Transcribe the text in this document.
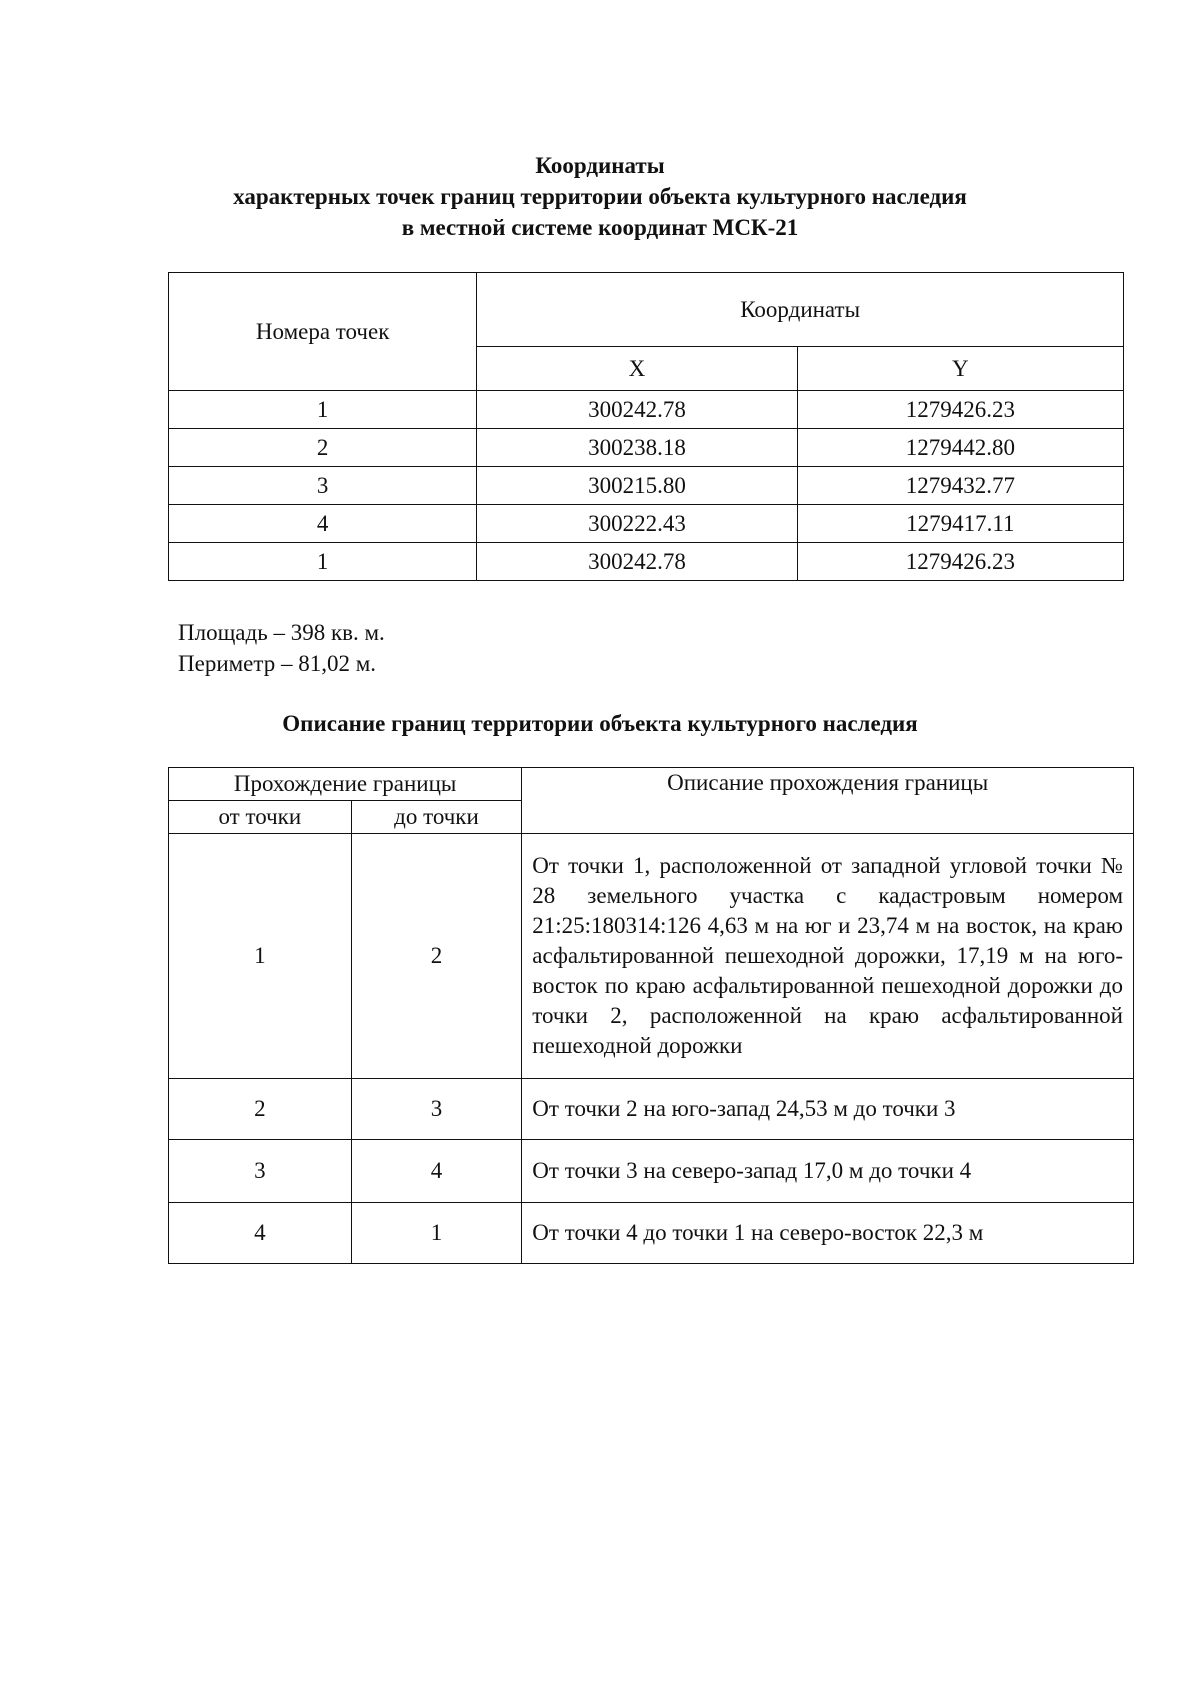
Координаты
характерных точек границ территории объекта культурного наследия
в местной системе координат МСК-21
Номера точек	Координаты	
	X	Y
1	300242.78	1279426.23
2	300238.18	1279442.80
3	300215.80	1279432.77
4	300222.43	1279417.11
1	300242.78	1279426.23
Площадь – 398 кв. м.
Периметр – 81,02 м.
Описание границ территории объекта культурного наследия
Прохождение границы		Описание прохождения границы
от точки	до точки	
1	2	От точки 1, расположенной от западной угловой точки № 28 земельного участка с кадастровым номером 21:25:180314:126 4,63 м на юг и 23,74 м на восток, на краю асфальтированной пешеходной дорожки, 17,19 м на юго-восток по краю асфальтированной пешеходной дорожки до точки 2, расположенной на краю асфальтированной пешеходной дорожки
2	3	От точки 2 на юго-запад 24,53 м до точки 3
3	4	От точки 3 на северо-запад 17,0 м до точки 4
4	1	От точки 4 до точки 1 на северо-восток 22,3 м
